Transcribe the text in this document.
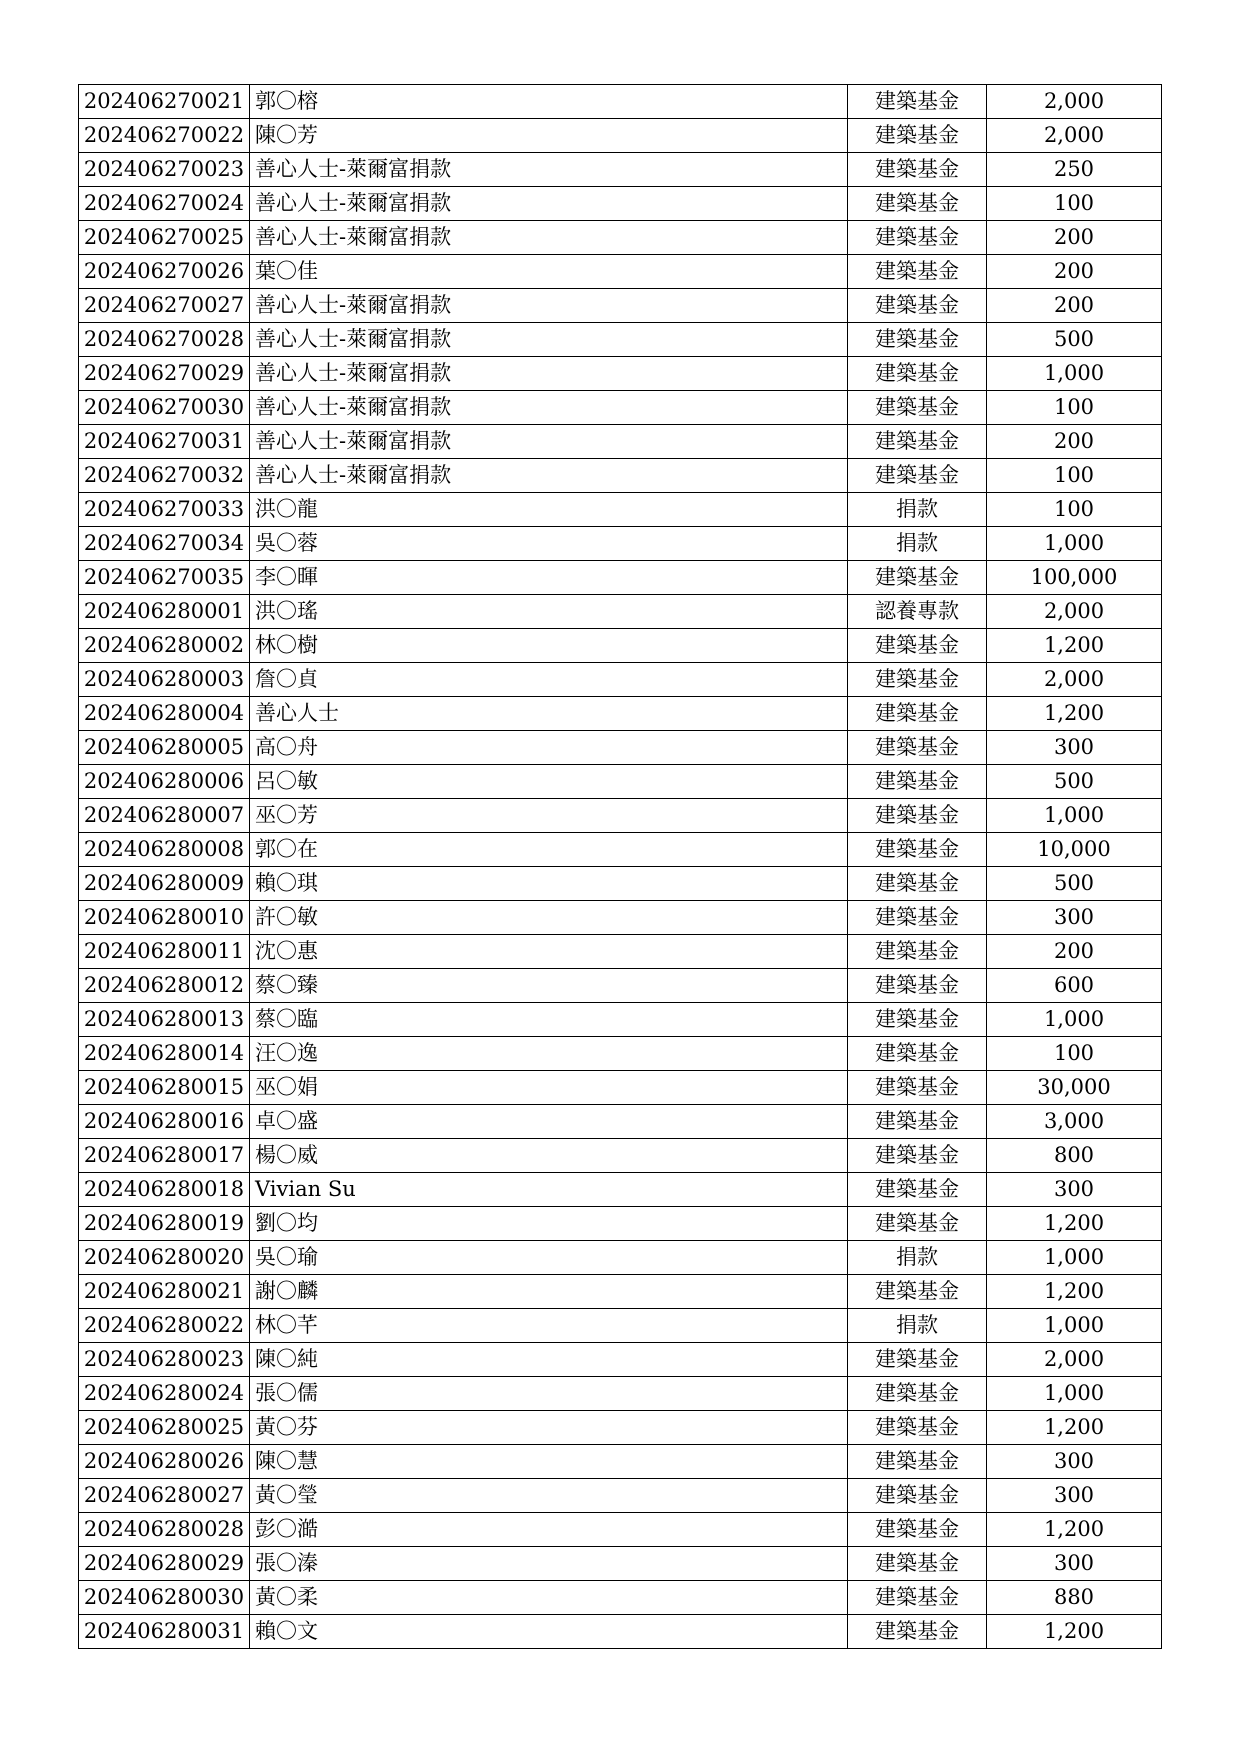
202406270021	郭〇榕	建築基金	2,000
202406270022	陳〇芳	建築基金	2,000
202406270023	善心人士-萊爾富捐款	建築基金	250
202406270024	善心人士-萊爾富捐款	建築基金	100
202406270025	善心人士-萊爾富捐款	建築基金	200
202406270026	葉〇佳	建築基金	200
202406270027	善心人士-萊爾富捐款	建築基金	200
202406270028	善心人士-萊爾富捐款	建築基金	500
202406270029	善心人士-萊爾富捐款	建築基金	1,000
202406270030	善心人士-萊爾富捐款	建築基金	100
202406270031	善心人士-萊爾富捐款	建築基金	200
202406270032	善心人士-萊爾富捐款	建築基金	100
202406270033	洪〇龍	捐款	100
202406270034	吳〇蓉	捐款	1,000
202406270035	李〇暉	建築基金	100,000
202406280001	洪〇瑤	認養專款	2,000
202406280002	林〇樹	建築基金	1,200
202406280003	詹〇貞	建築基金	2,000
202406280004	善心人士	建築基金	1,200
202406280005	高〇舟	建築基金	300
202406280006	呂〇敏	建築基金	500
202406280007	巫〇芳	建築基金	1,000
202406280008	郭〇在	建築基金	10,000
202406280009	賴〇琪	建築基金	500
202406280010	許〇敏	建築基金	300
202406280011	沈〇惠	建築基金	200
202406280012	蔡〇臻	建築基金	600
202406280013	蔡〇臨	建築基金	1,000
202406280014	汪〇逸	建築基金	100
202406280015	巫〇娟	建築基金	30,000
202406280016	卓〇盛	建築基金	3,000
202406280017	楊〇威	建築基金	800
202406280018	Vivian Su	建築基金	300
202406280019	劉〇均	建築基金	1,200
202406280020	吳〇瑜	捐款	1,000
202406280021	謝〇麟	建築基金	1,200
202406280022	林〇芊	捐款	1,000
202406280023	陳〇純	建築基金	2,000
202406280024	張〇儒	建築基金	1,000
202406280025	黃〇芬	建築基金	1,200
202406280026	陳〇慧	建築基金	300
202406280027	黃〇瑩	建築基金	300
202406280028	彭〇澔	建築基金	1,200
202406280029	張〇溱	建築基金	300
202406280030	黃〇柔	建築基金	880
202406280031	賴〇文	建築基金	1,200
